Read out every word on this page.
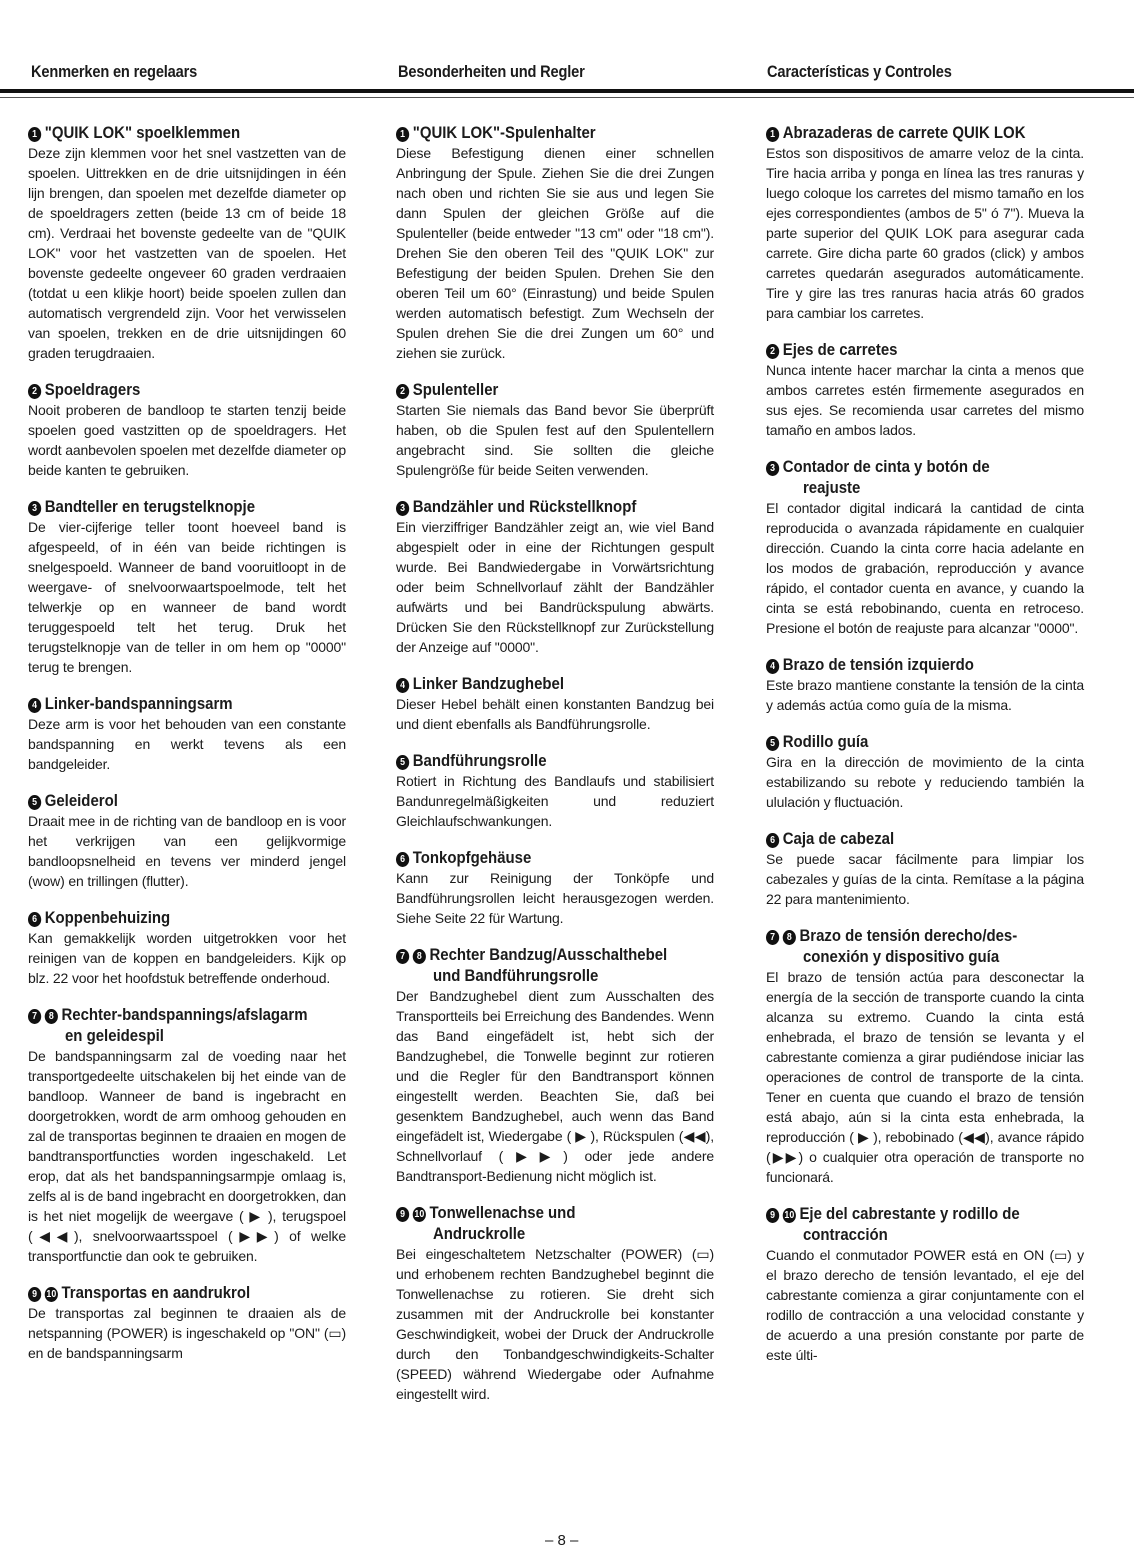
Kenmerken en regelaars	Besonderheiten und Regler	Características y Controles
1 "QUIK LOK" spoelklemmen

Deze zijn klemmen voor het snel vastzetten van de spoelen. Uittrekken en de drie uitsnijdingen in één lijn brengen, dan spoelen met dezelfde diameter op de spoeldragers zetten (beide 13 cm of beide 18 cm). Verdraai het bovenste gedeelte van de "QUIK LOK" voor het vastzetten van de spoelen. Het bovenste gedeelte ongeveer 60 graden verdraaien (totdat u een klikje hoort) beide spoelen zullen dan automatisch vergrendeld zijn. Voor het verwisselen van spoelen, trekken en de drie uitsnijdingen 60 graden terugdraaien.

2 Spoeldragers

Nooit proberen de bandloop te starten tenzij beide spoelen goed vastzitten op de spoeldragers. Het wordt aanbevolen spoelen met dezelfde diameter op beide kanten te gebruiken.

3 Bandteller en terugstelknopje

De vier-cijferige teller toont hoeveel band is afgespeeld, of in één van beide richtingen is snelgespoeld. Wanneer de band vooruitloopt in de weergave- of snelvoorwaartspoelmode, telt het telwerkje op en wanneer de band wordt teruggespoeld telt het terug. Druk het terugstelknopje van de teller in om hem op "0000" terug te brengen.

4 Linker-bandspanningsarm

Deze arm is voor het behouden van een constante bandspanning en werkt tevens als een bandgeleider.

5 Geleiderol

Draait mee in de richting van de bandloop en is voor het verkrijgen van een gelijkvormige bandloopsnelheid en tevens ver minderd jengel (wow) en trillingen (flutter).

6 Koppenbehuizing

Kan gemakkelijk worden uitgetrokken voor het reinigen van de koppen en bandgeleiders. Kijk op blz. 22 voor het hoofdstuk betreffende onderhoud.

7 8 Rechter-bandspannings/afslagarm
en geleidespil

De bandspanningsarm zal de voeding naar het transportgedeelte uitschakelen bij het einde van de bandloop. Wanneer de band is ingebracht en doorgetrokken, wordt de arm omhoog gehouden en zal de transportas beginnen te draaien en mogen de bandtransportfuncties worden ingeschakeld. Let erop, dat als het bandspanningsarmpje omlaag is, zelfs al is de band ingebracht en doorgetrokken, dan is het niet mogelijk de weergave ( ▶ ), terugspoel (◀◀), snelvoorwaartsspoel (▶▶) of welke transportfunctie dan ook te gebruiken.

9 10 Transportas en aandrukrol

De transportas zal beginnen te draaien als de netspanning (POWER) is ingeschakeld op "ON" (▭) en de bandspanningsarm

1 "QUIK LOK"-Spulenhalter

Diese Befestigung dienen einer schnellen Anbringung der Spule. Ziehen Sie die drei Zungen nach oben und richten Sie sie aus und legen Sie dann Spulen der gleichen Größe auf die Spulenteller (beide entweder "13 cm" oder "18 cm"). Drehen Sie den oberen Teil des "QUIK LOK" zur Befestigung der beiden Spulen. Drehen Sie den oberen Teil um 60° (Einrastung) und beide Spulen werden automatisch befestigt. Zum Wechseln der Spulen drehen Sie die drei Zungen um 60° und ziehen sie zurück.

2 Spulenteller

Starten Sie niemals das Band bevor Sie überprüft haben, ob die Spulen fest auf den Spulentellern angebracht sind. Sie sollten die gleiche Spulengröße für beide Seiten verwenden.

3 Bandzähler und Rückstellknopf

Ein vierziffriger Bandzähler zeigt an, wie viel Band abgespielt oder in eine der Richtungen gespult wurde. Bei Bandwiedergabe in Vorwärtsrichtung oder beim Schnellvorlauf zählt der Bandzähler aufwärts und bei Bandrückspulung abwärts. Drücken Sie den Rückstellknopf zur Zurückstellung der Anzeige auf "0000".

4 Linker Bandzughebel

Dieser Hebel behält einen konstanten Bandzug bei und dient ebenfalls als Bandführungsrolle.

5 Bandführungsrolle

Rotiert in Richtung des Bandlaufs und stabilisiert Bandunregelmäßigkeiten und reduziert Gleichlaufschwankungen.

6 Tonkopfgehäuse

Kann zur Reinigung der Tonköpfe und Bandführungsrollen leicht herausgezogen werden. Siehe Seite 22 für Wartung.

7 8 Rechter Bandzug/Ausschalthebel
und Bandführungsrolle

Der Bandzughebel dient zum Ausschalten des Transportteils bei Erreichung des Bandendes. Wenn das Band eingefädelt ist, hebt sich der Bandzughebel, die Tonwelle beginnt zur rotieren und die Regler für den Bandtransport können eingestellt werden. Beachten Sie, daß bei gesenktem Bandzughebel, auch wenn das Band eingefädelt ist, Wiedergabe ( ▶ ), Rückspulen (◀◀), Schnellvorlauf (▶▶) oder jede andere Bandtransport-Bedienung nicht möglich ist.

9 10 Tonwellenachse und
Andruckrolle

Bei eingeschaltetem Netzschalter (POWER) (▭) und erhobenem rechten Bandzughebel beginnt die Tonwellenachse zu rotieren. Sie dreht sich zusammen mit der Andruckrolle bei konstanter Geschwindigkeit, wobei der Druck der Andruckrolle durch den Tonbandgeschwindigkeits-Schalter (SPEED) während Wiedergabe oder Aufnahme eingestellt wird.

1 Abrazaderas de carrete QUIK LOK

Estos son dispositivos de amarre veloz de la cinta. Tire hacia arriba y ponga en línea las tres ranuras y luego coloque los carretes del mismo tamaño en los ejes correspondientes (ambos de 5" ó 7"). Mueva la parte superior del QUIK LOK para asegurar cada carrete. Gire dicha parte 60 grados (click) y ambos carretes quedarán asegurados automáticamente. Tire y gire las tres ranuras hacia atrás 60 grados para cambiar los carretes.

2 Ejes de carretes

Nunca intente hacer marchar la cinta a menos que ambos carretes estén firmemente asegurados en sus ejes. Se recomienda usar carretes del mismo tamaño en ambos lados.

3 Contador de cinta y botón de
reajuste

El contador digital indicará la cantidad de cinta reproducida o avanzada rápidamente en cualquier dirección. Cuando la cinta corre hacia adelante en los modos de grabación, reproducción y avance rápido, el contador cuenta en avance, y cuando la cinta se está rebobinando, cuenta en retroceso. Presione el botón de reajuste para alcanzar "0000".

4 Brazo de tensión izquierdo

Este brazo mantiene constante la tensión de la cinta y además actúa como guía de la misma.

5 Rodillo guía

Gira en la dirección de movimiento de la cinta estabilizando su rebote y reduciendo también la ululación y fluctuación.

6 Caja de cabezal

Se puede sacar fácilmente para limpiar los cabezales y guías de la cinta. Remítase a la página 22 para mantenimiento.

7 8 Brazo de tensión derecho/des-
conexión y dispositivo guía

El brazo de tensión actúa para desconectar la energía de la sección de transporte cuando la cinta alcanza su extremo. Cuando la cinta está enhebrada, el brazo de tensión se levanta y el cabrestante comienza a girar pudiéndose iniciar las operaciones de control de transporte de la cinta. Tener en cuenta que cuando el brazo de tensión está abajo, aún si la cinta esta enhebrada, la reproducción ( ▶ ), rebobinado (◀◀), avance rápido (▶▶) o cualquier otra operación de transporte no funcionará.

9 10 Eje del cabrestante y rodillo de
contracción

Cuando el conmutador POWER está en ON (▭) y el brazo derecho de tensión levantado, el eje del cabrestante comienza a girar conjuntamente con el rodillo de contracción a una velocidad constante y de acuerdo a una presión constante por parte de este últi-

– 8 –
